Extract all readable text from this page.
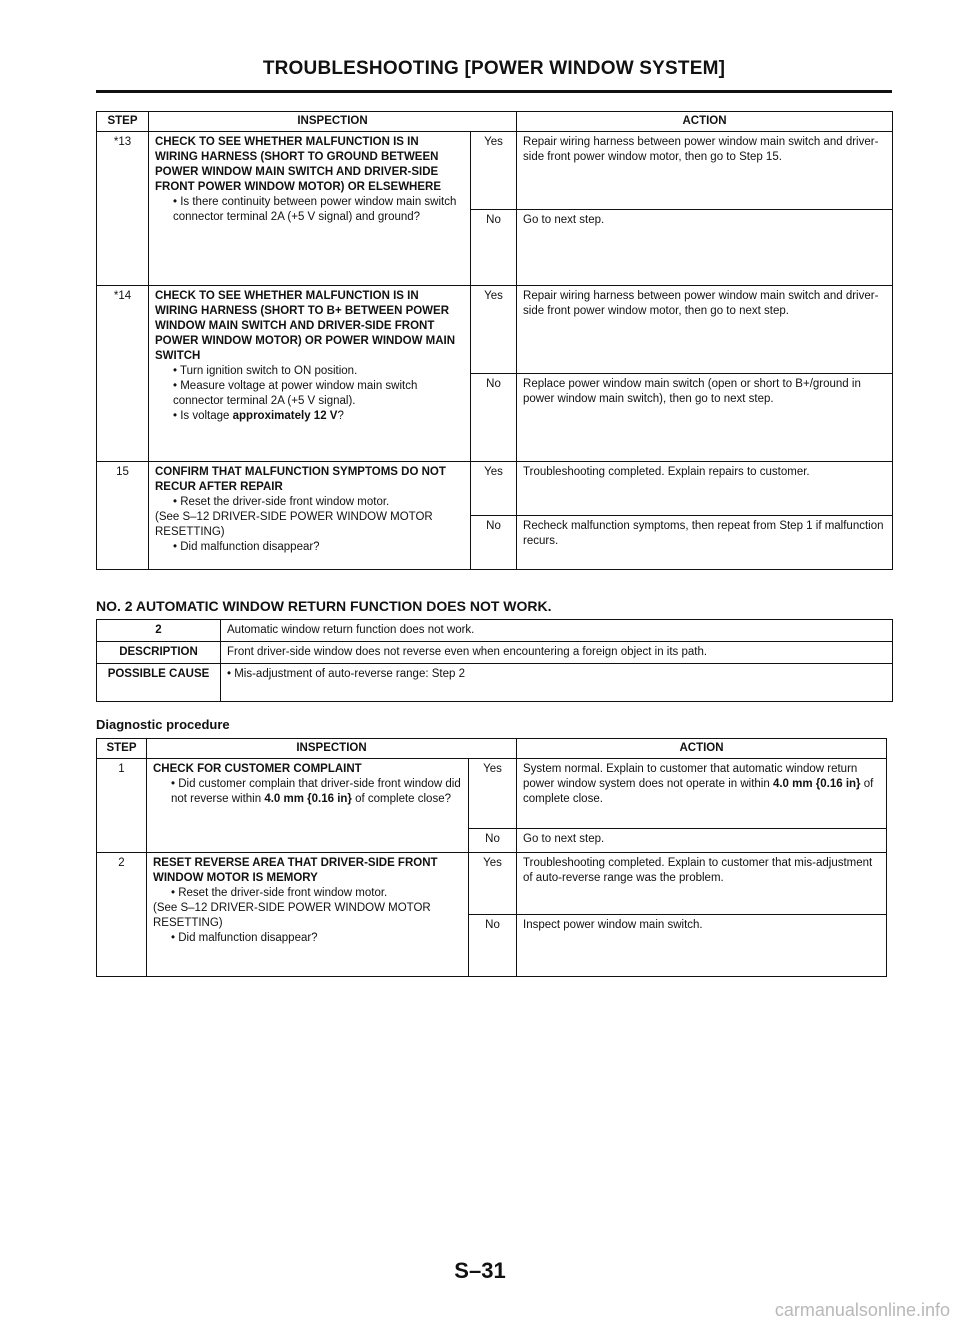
TROUBLESHOOTING [POWER WINDOW SYSTEM]
STEP	INSPECTION		ACTION
*13	CHECK TO SEE WHETHER MALFUNCTION IS IN WIRING HARNESS (SHORT TO GROUND BETWEEN POWER WINDOW MAIN SWITCH AND DRIVER-SIDE FRONT POWER WINDOW MOTOR) OR ELSEWHERE
• Is there continuity between power window main switch connector terminal 2A (+5 V signal) and ground?	Yes	Repair wiring harness between power window main switch and driver-side front power window motor, then go to Step 15.
		No	Go to next step.
*14	CHECK TO SEE WHETHER MALFUNCTION IS IN WIRING HARNESS (SHORT TO B+ BETWEEN POWER WINDOW MAIN SWITCH AND DRIVER-SIDE FRONT POWER WINDOW MOTOR) OR POWER WINDOW MAIN SWITCH
• Turn ignition switch to ON position.
• Measure voltage at power window main switch connector terminal 2A (+5 V signal).
• Is voltage approximately 12 V?	Yes	Repair wiring harness between power window main switch and driver-side front power window motor, then go to next step.
		No	Replace power window main switch (open or short to B+/ground in power window main switch), then go to next step.
15	CONFIRM THAT MALFUNCTION SYMPTOMS DO NOT RECUR AFTER REPAIR
• Reset the driver-side front window motor.
(See S–12 DRIVER-SIDE POWER WINDOW MOTOR RESETTING)
• Did malfunction disappear?	Yes	Troubleshooting completed. Explain repairs to customer.
		No	Recheck malfunction symptoms, then repeat from Step 1 if malfunction recurs.
NO. 2 AUTOMATIC WINDOW RETURN FUNCTION DOES NOT WORK.
2	Automatic window return function does not work.
DESCRIPTION	Front driver-side window does not reverse even when encountering a foreign object in its path.
POSSIBLE CAUSE	• Mis-adjustment of auto-reverse range: Step 2
Diagnostic procedure
STEP	INSPECTION		ACTION
1	CHECK FOR CUSTOMER COMPLAINT
• Did customer complain that driver-side front window did not reverse within 4.0 mm {0.16 in} of complete close?	Yes	System normal. Explain to customer that automatic window return power window system does not operate in within 4.0 mm {0.16 in} of complete close.
		No	Go to next step.
2	RESET REVERSE AREA THAT DRIVER-SIDE FRONT WINDOW MOTOR IS MEMORY
• Reset the driver-side front window motor.
(See S–12 DRIVER-SIDE POWER WINDOW MOTOR RESETTING)
• Did malfunction disappear?	Yes	Troubleshooting completed. Explain to customer that mis-adjustment of auto-reverse range was the problem.
		No	Inspect power window main switch.
S–31
carmanualsonline.info
